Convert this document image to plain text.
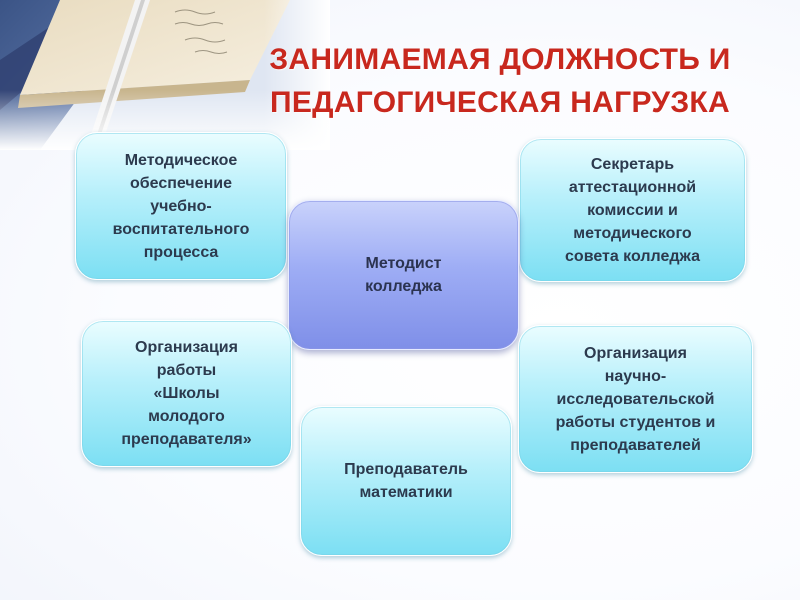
ЗАНИМАЕМАЯ ДОЛЖНОСТЬ И
ПЕДАГОГИЧЕСКАЯ НАГРУЗКА
Методическое
обеспечение
учебно-
воспитательного
процесса
Секретарь
аттестационной
комиссии и
методического
совета колледжа
Методист
колледжа
Организация
работы
«Школы
молодого
преподавателя»
Организация
научно-
исследовательской
работы студентов и
преподавателей
Преподаватель
математики
